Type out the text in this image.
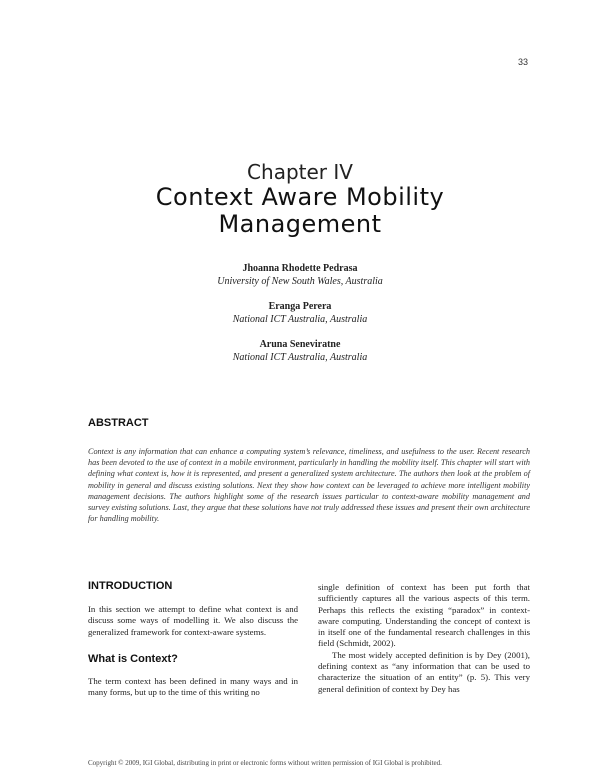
33
Chapter IV
Context Aware Mobility
Management
Jhoanna Rhodette Pedrasa
University of New South Wales, Australia
Eranga Perera
National ICT Australia, Australia
Aruna Seneviratne
National ICT Australia, Australia
ABSTRACT

Context is any information that can enhance a computing system’s relevance, timeliness, and usefulness to the user. Recent research has been devoted to the use of context in a mobile environment, particularly in handling the mobility itself. This chapter will start with defining what context is, how it is represented, and present a generalized system architecture. The authors then look at the problem of mobility in general and discuss existing solutions. Next they show how context can be leveraged to achieve more intelligent mobility management decisions. The authors highlight some of the research issues particular to context-aware mobility management and survey existing solutions. Last, they argue that these solutions have not truly addressed these issues and present their own architecture for handling mobility.

INTRODUCTION

In this section we attempt to define what context is and discuss some ways of modelling it. We also discuss the generalized framework for context-aware systems.

What is Context?

The term context has been defined in many ways and in many forms, but up to the time of this writing no

single definition of context has been put forth that sufficiently captures all the various aspects of this term. Perhaps this reflects the existing “paradox” in context-aware computing. Understanding the concept of context is in itself one of the fundamental research challenges in this field (Schmidt, 2002).

The most widely accepted definition is by Dey (2001), defining context as “any information that can be used to characterize the situation of an entity” (p. 5). This very general definition of context by Dey has

Copyright © 2009, IGI Global, distributing in print or electronic forms without written permission of IGI Global is prohibited.
